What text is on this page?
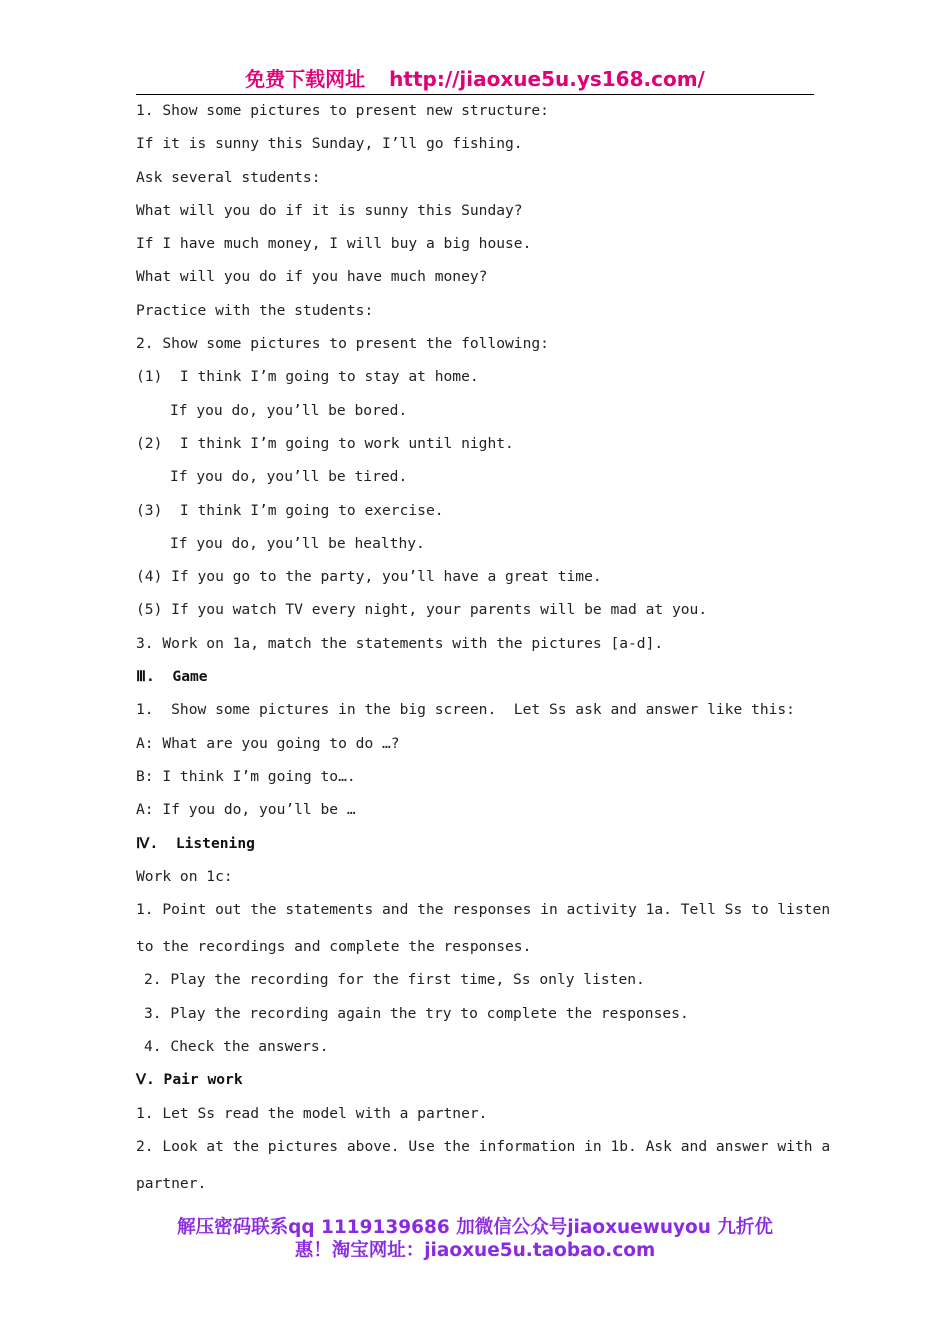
免费下载网址 http://jiaoxue5u.ys168.com/
1. Show some pictures to present new structure:
If it is sunny this Sunday, I’ll go fishing.
Ask several students:
What will you do if it is sunny this Sunday?
If I have much money, I will buy a big house.
What will you do if you have much money?
Practice with the students:
2. Show some pictures to present the following:
(1)  I think I’m going to stay at home.
If you do, you’ll be bored.
(2)  I think I’m going to work until night.
If you do, you’ll be tired.
(3)  I think I’m going to exercise.
If you do, you’ll be healthy.
(4) If you go to the party, you’ll have a great time.
(5) If you watch TV every night, your parents will be mad at you.
3. Work on 1a, match the statements with the pictures [a-d].
Ⅲ.  Game
1.  Show some pictures in the big screen.  Let Ss ask and answer like this:
A: What are you going to do …?
B: I think I’m going to….
A: If you do, you’ll be …
Ⅳ.  Listening
Work on 1c:
1. Point out the statements and the responses in activity 1a. Tell Ss to listen
to the recordings and complete the responses.
2. Play the recording for the first time, Ss only listen.
3. Play the recording again the try to complete the responses.
4. Check the answers.
Ⅴ. Pair work
1. Let Ss read the model with a partner.
2. Look at the pictures above. Use the information in 1b. Ask and answer with a
partner.
解压密码联系qq 1119139686 加微信公众号jiaoxuewuyou 九折优
惠！淘宝网址：jiaoxue5u.taobao.com
